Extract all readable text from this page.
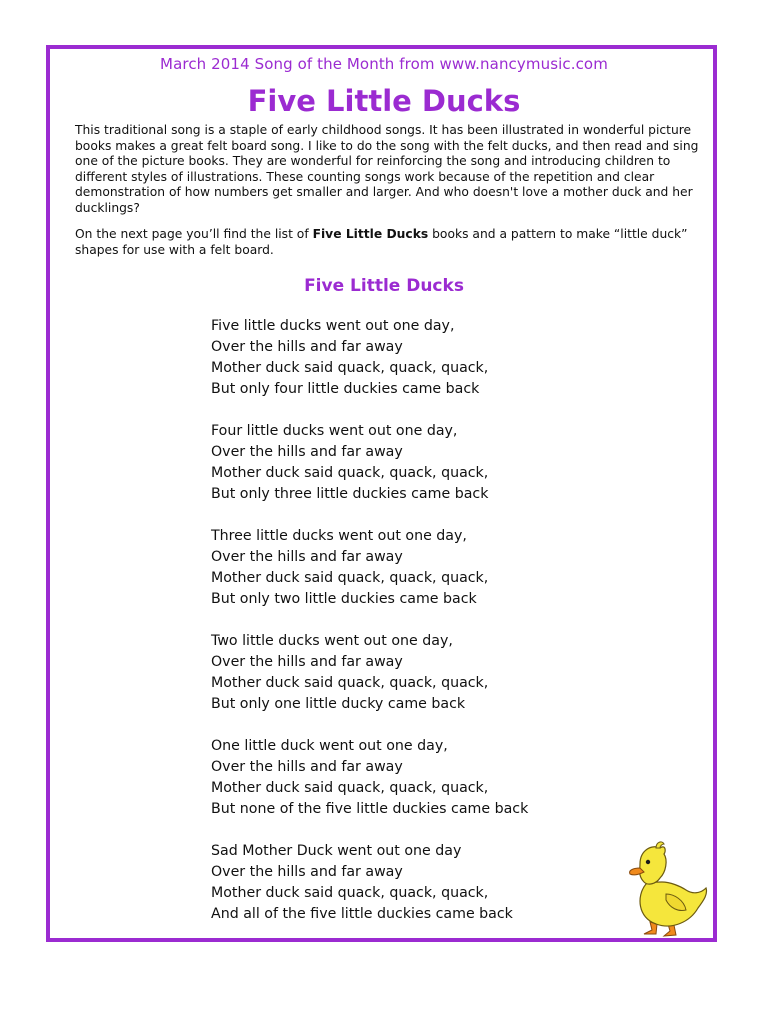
March 2014 Song of the Month from www.nancymusic.com
Five Little Ducks

This traditional song is a staple of early childhood songs. It has been illustrated in wonderful picture books makes a great felt board song. I like to do the song with the felt ducks, and then read and sing one of the picture books. They are wonderful for reinforcing the song and introducing children to different styles of illustrations. These counting songs work because of the repetition and clear demonstration of how numbers get smaller and larger. And who doesn't love a mother duck and her ducklings?

On the next page you’ll find the list of Five Little Ducks books and a pattern to make “little duck” shapes for use with a felt board.

Five Little Ducks
Five little ducks went out one day,
Over the hills and far away
Mother duck said quack, quack, quack,
But only four little duckies came back
Four little ducks went out one day,
Over the hills and far away
Mother duck said quack, quack, quack,
But only three little duckies came back
Three little ducks went out one day,
Over the hills and far away
Mother duck said quack, quack, quack,
But only two little duckies came back
Two little ducks went out one day,
Over the hills and far away
Mother duck said quack, quack, quack,
But only one little ducky came back
One little duck went out one day,
Over the hills and far away
Mother duck said quack, quack, quack,
But none of the five little duckies came back
Sad Mother Duck went out one day
Over the hills and far away
Mother duck said quack, quack, quack,
And all of the five little duckies came back
